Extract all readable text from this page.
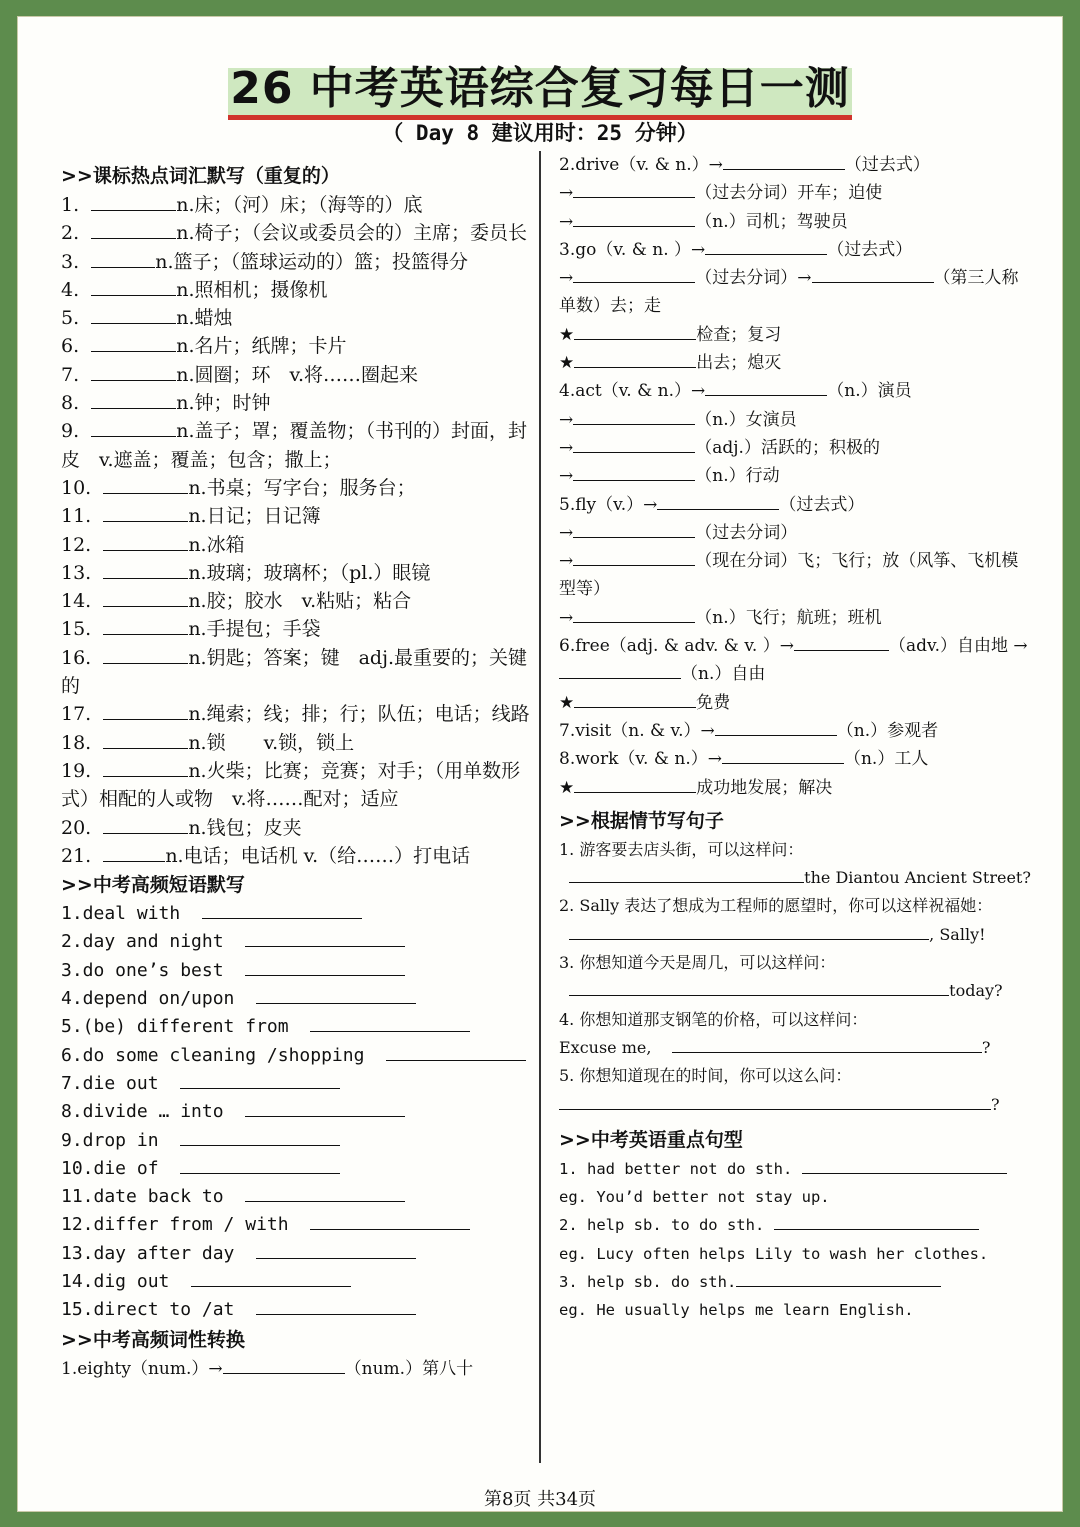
26 中考英语综合复习每日一测
（ Day 8 建议用时：25 分钟）
>>课标热点词汇默写（重复的）
1.	n.床；（河）床；（海等的）底
2.	n.椅子；（会议或委员会的）主席；委员长
3.	n.篮子；（篮球运动的）篮；投篮得分
4.	n.照相机；摄像机
5.	n.蜡烛
6.	n.名片；纸牌；卡片
7.	n.圆圈；环　v.将……圈起来
8.	n.钟；时钟
9.	n.盖子；罩；覆盖物；（书刊的）封面，封皮　v.遮盖；覆盖；包含；撒上；
10.	n.书桌；写字台；服务台；
11.	n.日记；日记簿
12.	n.冰箱
13.	n.玻璃；玻璃杯；（pl.）眼镜
14.	n.胶；胶水　v.粘贴；粘合
15.	n.手提包；手袋
16.	n.钥匙；答案；键　adj.最重要的；关键的
17.	n.绳索；线；排；行；队伍；电话；线路
18.	n.锁　　v.锁，锁上
19.	n.火柴；比赛；竞赛；对手；（用单数形式）相配的人或物　v.将……配对；适应
20.	n.钱包；皮夹
21.	n.电话；电话机 v.（给……）打电话
>>中考高频短语默写
1.deal with
2.day and night
3.do one’s best
4.depend on/upon
5.(be) different from
6.do some cleaning /shopping
7.die out
8.divide … into
9.drop in
10.die of
11.date back to
12.differ from / with
13.day after day
14.dig out
15.direct to /at
>>中考高频词性转换
1.eighty（num.）→	（num.）第八十
2.drive（v. & n.）→	（过去式）
→	（过去分词）开车；迫使
→	（n.）司机；驾驶员
3.go（v. & n. ）→	（过去式）
→	（过去分词）→	（第三人称单数）去；走
★	检查；复习
★	出去；熄灭
4.act（v. & n.）→	（n.）演员
→	（n.）女演员
→	（adj.）活跃的；积极的
→	（n.）行动
5.fly（v.）→	（过去式）
→	（过去分词）
→	（现在分词）飞；飞行；放（风筝、飞机模型等）
→	（n.）飞行；航班；班机
6.free（adj. & adv. & v. ）→	（adv.）自由地 →（n.）自由
★	免费
7.visit（n. & v.）→	（n.）参观者
8.work（v. & n.）→	（n.）工人
★	成功地发展；解决
>>根据情节写句子
1. 游客要去店头街，可以这样问：
the Diantou Ancient Street?
2. Sally 表达了想成为工程师的愿望时，你可以这样祝福她：
, Sally!
3. 你想知道今天是周几，可以这样问：
today?
4. 你想知道那支钢笔的价格，可以这样问：
Excuse me,	?
5. 你想知道现在的时间，你可以这么问：
?
>>中考英语重点句型
1. had better not do sth.
eg. You’d better not stay up.
2. help sb. to do sth.
eg. Lucy often helps Lily to wash her clothes.
3. help sb. do sth.
eg. He usually helps me learn English.
第8页 共34页
